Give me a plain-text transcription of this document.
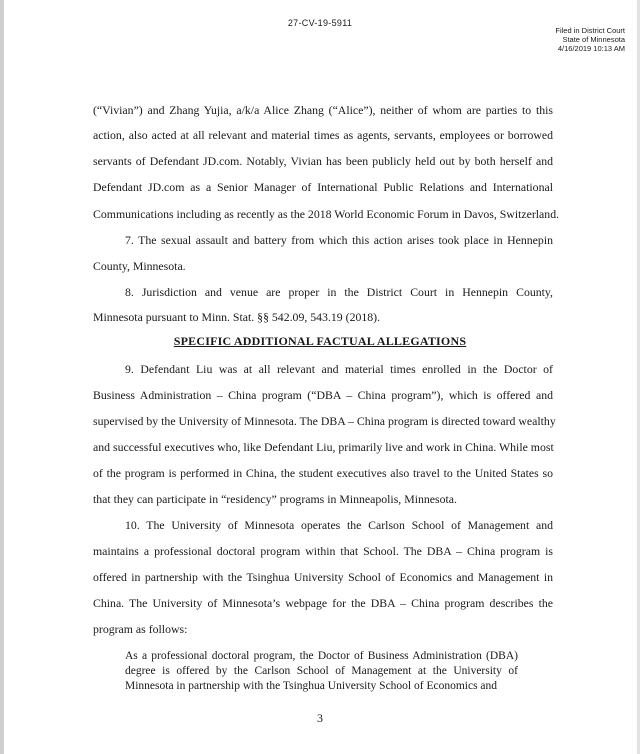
27-CV-19-5911
Filed in District Court
State of Minnesota
4/16/2019 10:13 AM
(“Vivian”) and Zhang Yujia, a/k/a Alice Zhang (“Alice”), neither of whom are parties to this
action, also acted at all relevant and material times as agents, servants, employees or borrowed
servants of Defendant JD.com. Notably, Vivian has been publicly held out by both herself and
Defendant JD.com as a Senior Manager of International Public Relations and International
Communications including as recently as the 2018 World Economic Forum in Davos, Switzerland.
7. The sexual assault and battery from which this action arises took place in Hennepin
County, Minnesota.
8. Jurisdiction and venue are proper in the District Court in Hennepin County,
Minnesota pursuant to Minn. Stat. §§ 542.09, 543.19 (2018).
SPECIFIC ADDITIONAL FACTUAL ALLEGATIONS
9. Defendant Liu was at all relevant and material times enrolled in the Doctor of
Business Administration – China program (“DBA – China program”), which is offered and
supervised by the University of Minnesota. The DBA – China program is directed toward wealthy
and successful executives who, like Defendant Liu, primarily live and work in China. While most
of the program is performed in China, the student executives also travel to the United States so
that they can participate in “residency” programs in Minneapolis, Minnesota.
10. The University of Minnesota operates the Carlson School of Management and
maintains a professional doctoral program within that School. The DBA – China program is
offered in partnership with the Tsinghua University School of Economics and Management in
China. The University of Minnesota’s webpage for the DBA – China program describes the
program as follows:
As a professional doctoral program, the Doctor of Business Administration (DBA)
degree is offered by the Carlson School of Management at the University of
Minnesota in partnership with the Tsinghua University School of Economics and
3
